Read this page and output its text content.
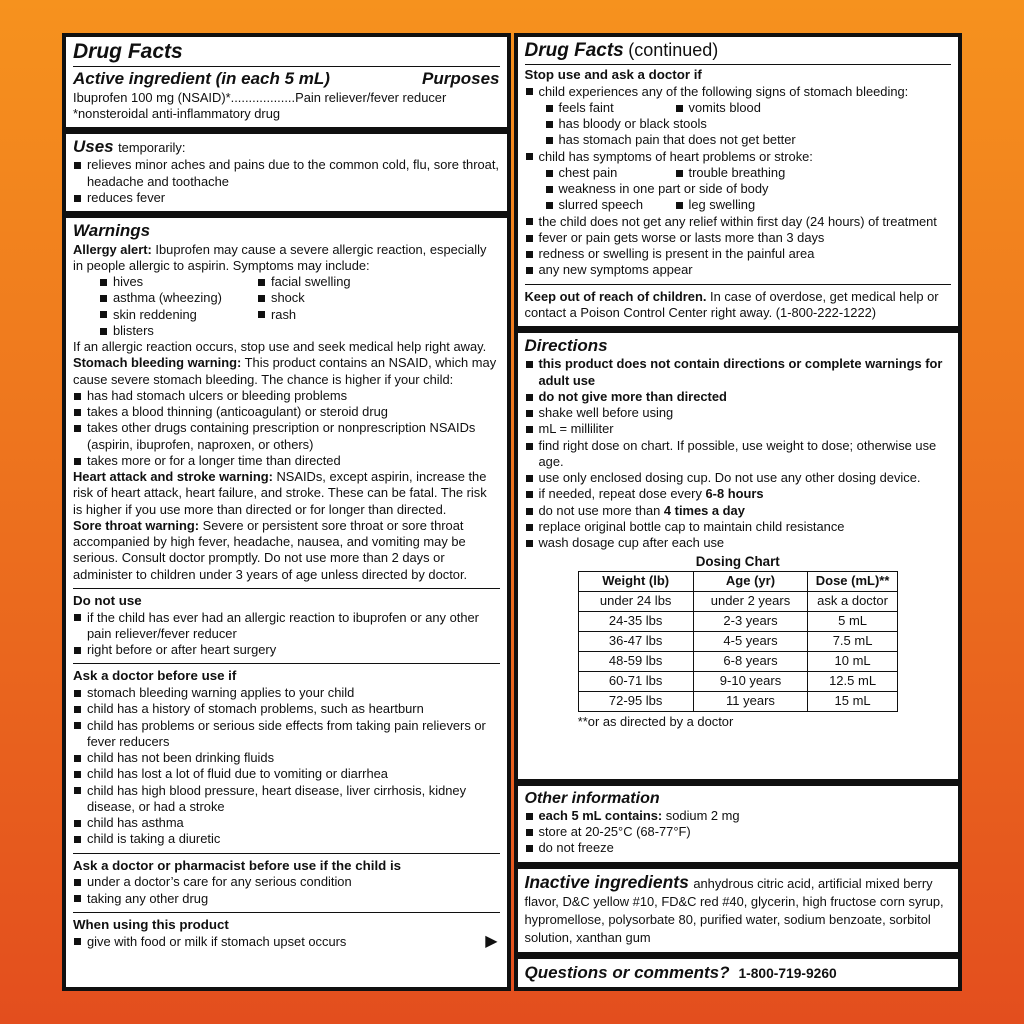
Drug Facts
Active ingredient (in each 5 mL)	Purposes
Ibuprofen 100 mg (NSAID)*..................Pain reliever/fever reducer
*nonsteroidal anti-inflammatory drug
Uses temporarily:
relieves minor aches and pains due to the common cold, flu, sore throat, headache and toothache
reduces fever
Warnings
Allergy alert: Ibuprofen may cause a severe allergic reaction, especially in people allergic to aspirin. Symptoms may include:
hives	facial swelling
asthma (wheezing)	shock
skin reddening	rash
blisters
If an allergic reaction occurs, stop use and seek medical help right away.
Stomach bleeding warning: This product contains an NSAID, which may cause severe stomach bleeding. The chance is higher if your child:
has had stomach ulcers or bleeding problems
takes a blood thinning (anticoagulant) or steroid drug
takes other drugs containing prescription or nonprescription NSAIDs (aspirin, ibuprofen, naproxen, or others)
takes more or for a longer time than directed
Heart attack and stroke warning: NSAIDs, except aspirin, increase the risk of heart attack, heart failure, and stroke. These can be fatal. The risk is higher if you use more than directed or for longer than directed.
Sore throat warning: Severe or persistent sore throat or sore throat accompanied by high fever, headache, nausea, and vomiting may be serious. Consult doctor promptly. Do not use more than 2 days or administer to children under 3 years of age unless directed by doctor.
Do not use
if the child has ever had an allergic reaction to ibuprofen or any other pain reliever/fever reducer
right before or after heart surgery
Ask a doctor before use if
stomach bleeding warning applies to your child
child has a history of stomach problems, such as heartburn
child has problems or serious side effects from taking pain relievers or fever reducers
child has not been drinking fluids
child has lost a lot of fluid due to vomiting or diarrhea
child has high blood pressure, heart disease, liver cirrhosis, kidney disease, or had a stroke
child has asthma
child is taking a diuretic
Ask a doctor or pharmacist before use if the child is
under a doctor’s care for any serious condition
taking any other drug
When using this product
give with food or milk if stomach upset occurs	▶
Drug Facts (continued)
Stop use and ask a doctor if
child experiences any of the following signs of stomach bleeding:
feels faint	vomits blood
has bloody or black stools
has stomach pain that does not get better
child has symptoms of heart problems or stroke:
chest pain	trouble breathing
weakness in one part or side of body
slurred speech	leg swelling
the child does not get any relief within first day (24 hours) of treatment
fever or pain gets worse or lasts more than 3 days
redness or swelling is present in the painful area
any new symptoms appear
Keep out of reach of children. In case of overdose, get medical help or contact a Poison Control Center right away. (1-800-222-1222)
Directions
this product does not contain directions or complete warnings for adult use
do not give more than directed
shake well before using
mL = milliliter
find right dose on chart. If possible, use weight to dose; otherwise use age.
use only enclosed dosing cup. Do not use any other dosing device.
if needed, repeat dose every 6-8 hours
do not use more than 4 times a day
replace original bottle cap to maintain child resistance
wash dosage cup after each use
Dosing Chart
Weight (lb)	Age (yr)	Dose (mL)**
under 24 lbs	under 2 years	ask a doctor
24-35 lbs	2-3 years	5 mL
36-47 lbs	4-5 years	7.5 mL
48-59 lbs	6-8 years	10 mL
60-71 lbs	9-10 years	12.5 mL
72-95 lbs	11 years	15 mL
**or as directed by a doctor
Other information
each 5 mL contains: sodium 2 mg
store at 20-25°C (68-77°F)
do not freeze
Inactive ingredients anhydrous citric acid, artificial mixed berry flavor, D&C yellow #10, FD&C red #40, glycerin, high fructose corn syrup, hypromellose, polysorbate 80, purified water, sodium benzoate, sorbitol solution, xanthan gum
Questions or comments? 1-800-719-9260
